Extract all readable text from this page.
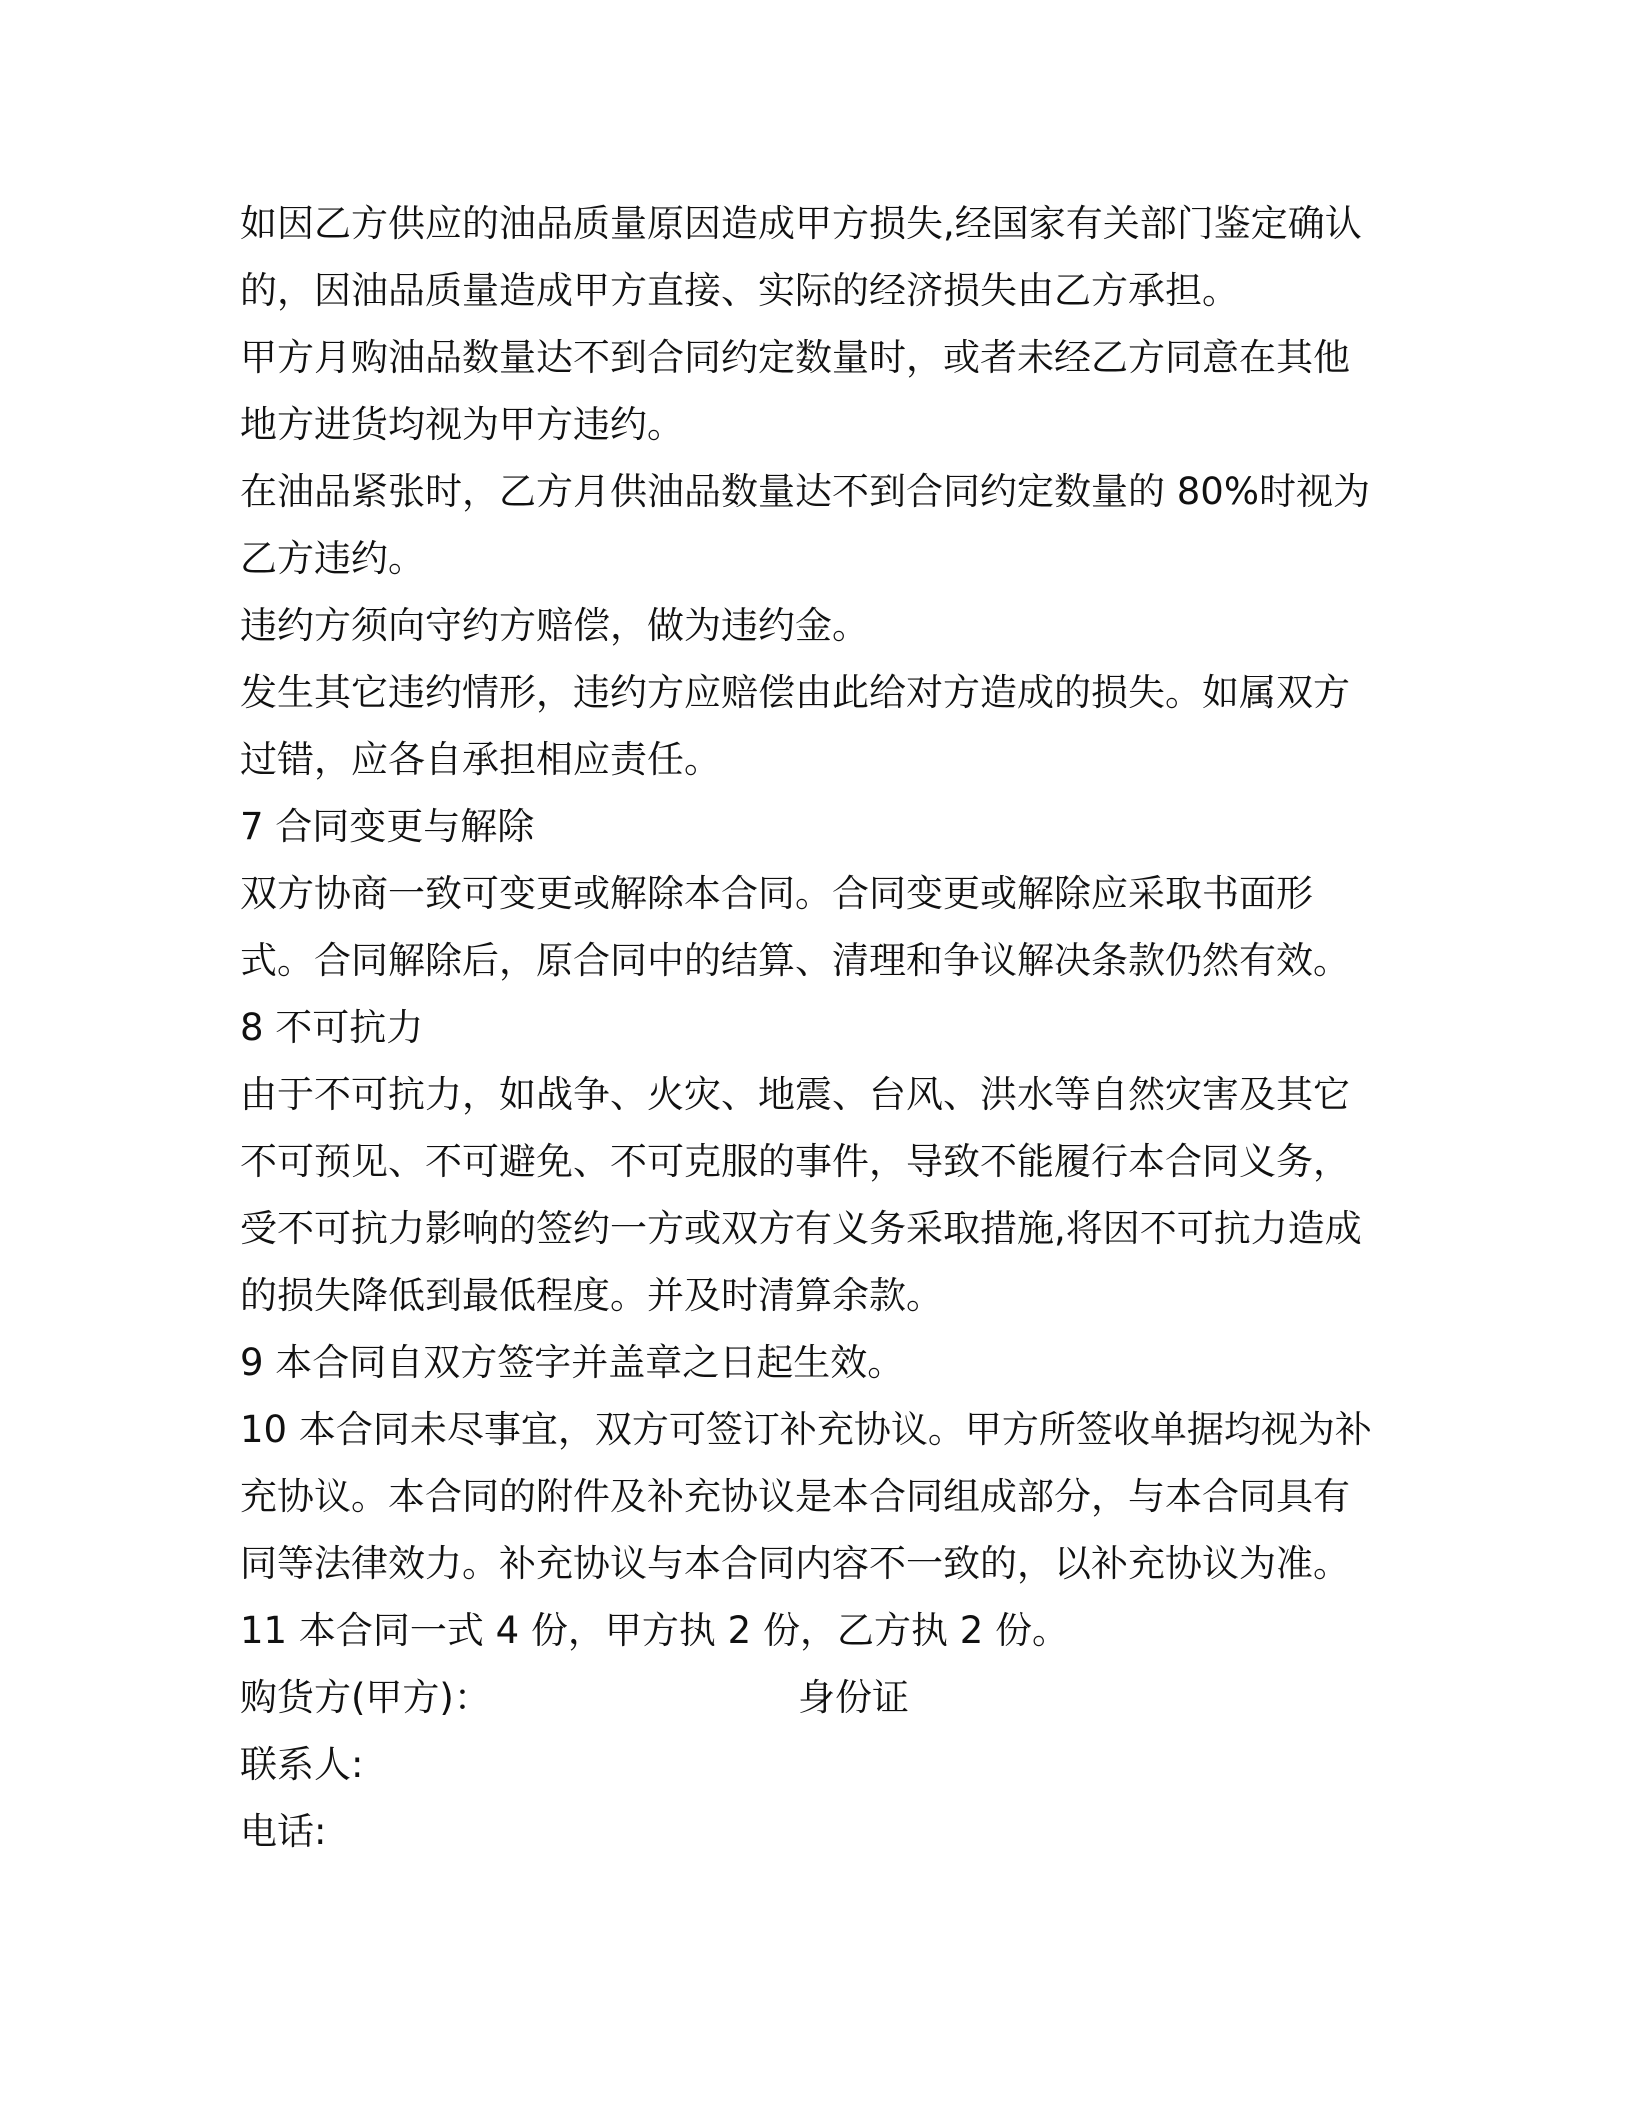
如因乙方供应的油品质量原因造成甲方损失,经国家有关部门鉴定确认的，因油品质量造成甲方直接、实际的经济损失由乙方承担。

甲方月购油品数量达不到合同约定数量时，或者未经乙方同意在其他地方进货均视为甲方违约。

在油品紧张时，乙方月供油品数量达不到合同约定数量的 80%时视为乙方违约。

违约方须向守约方赔偿，做为违约金。

发生其它违约情形，违约方应赔偿由此给对方造成的损失。如属双方过错，应各自承担相应责任。

7 合同变更与解除

双方协商一致可变更或解除本合同。合同变更或解除应采取书面形式。合同解除后，原合同中的结算、清理和争议解决条款仍然有效。

8 不可抗力

由于不可抗力，如战争、火灾、地震、台风、洪水等自然灾害及其它不可预见、不可避免、不可克服的事件，导致不能履行本合同义务，受不可抗力影响的签约一方或双方有义务采取措施,将因不可抗力造成的损失降低到最低程度。并及时清算余款。

9 本合同自双方签字并盖章之日起生效。

10 本合同未尽事宜，双方可签订补充协议。甲方所签收单据均视为补充协议。本合同的附件及补充协议是本合同组成部分，与本合同具有同等法律效力。补充协议与本合同内容不一致的，以补充协议为准。

11 本合同一式 4 份，甲方执 2 份，乙方执 2 份。

购货方(甲方)：	身份证
联系人:
电话:
